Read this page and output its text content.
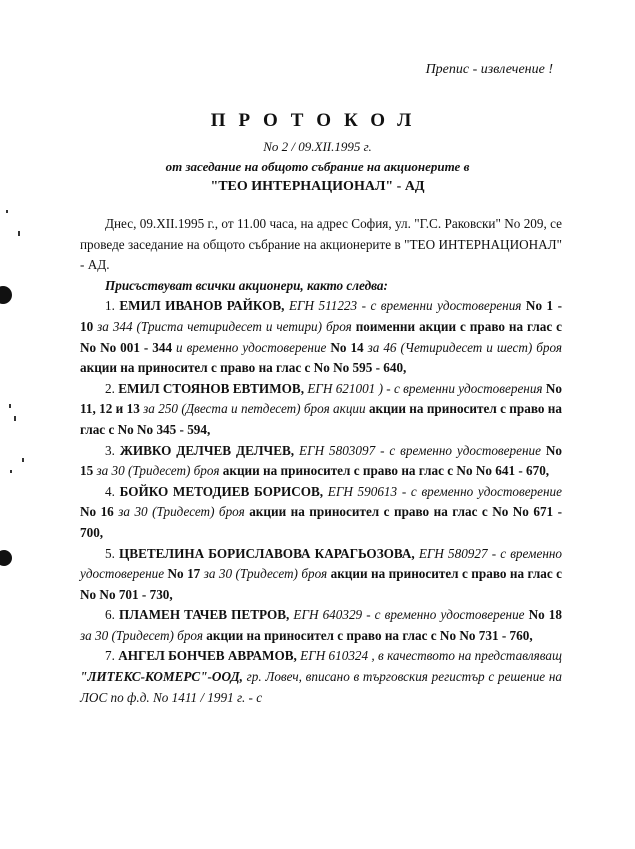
Препис - извлечение !
ПРОТОКОЛ
No 2 / 09.XII.1995 г.
от заседание на общото събрание на акционерите в
"ТЕО ИНТЕРНАЦИОНАЛ" - АД

Днес, 09.XII.1995 г., от 11.00 часа, на адрес София, ул. "Г.С. Раковски" No 209, се проведе заседание на общото събрание на акционерите в "ТЕО ИНТЕРНАЦИОНАЛ" - АД.

Присъствуват всички акционери, както следва:

1. ЕМИЛ ИВАНОВ РАЙКОВ, ЕГН 511223 - с временни удостоверения No 1 - 10 за 344 (Триста четиридесет и четири) броя поименни акции с право на глас с No No 001 - 344 и временно удостоверение No 14 за 46 (Четиридесет и шест) броя акции на приносител с право на глас с No No 595 - 640,

2. ЕМИЛ СТОЯНОВ ЕВТИМОВ, ЕГН 621001 ) - с временни удостоверения No 11, 12 и 13 за 250 (Двеста и петдесет) броя акции акции на приносител с право на глас с No No 345 - 594,

3. ЖИВКО ДЕЛЧЕВ ДЕЛЧЕВ, ЕГН 5803097 - с временно удостоверение No 15 за 30 (Тридесет) броя акции на приносител с право на глас с No No 641 - 670,

4. БОЙКО МЕТОДИЕВ БОРИСОВ, ЕГН 590613 - с временно удостоверение No 16 за 30 (Тридесет) броя акции на приносител с право на глас с No No 671 - 700,

5. ЦВЕТЕЛИНА БОРИСЛАВОВА КАРАГЬОЗОВА, ЕГН 580927 - с временно удостоверение No 17 за 30 (Тридесет) броя акции на приносител с право на глас с No No 701 - 730,

6. ПЛАМЕН ТАЧЕВ ПЕТРОВ, ЕГН 640329 - с временно удостоверение No 18 за 30 (Тридесет) броя акции на приносител с право на глас с No No 731 - 760,

7. АНГЕЛ БОНЧЕВ АВРАМОВ, ЕГН 610324 , в качеството на представляващ "ЛИТЕКС-КОМЕРС"-ООД, гр. Ловеч, вписано в търговския регистър с решение на ЛОС по ф.д. No 1411 / 1991 г. - с
